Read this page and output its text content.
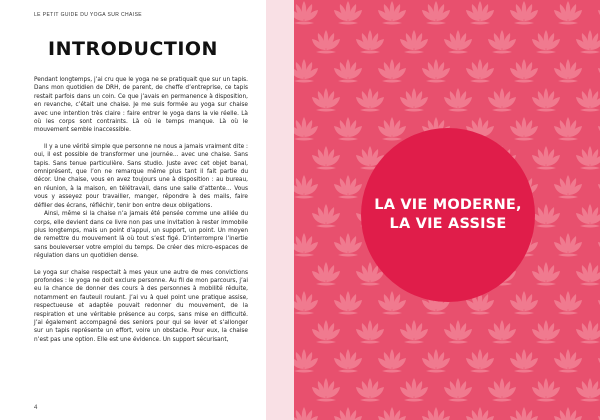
LE PETIT GUIDE DU YOGA SUR CHAISE
INTRODUCTION

Pendant longtemps, j’ai cru que le yoga ne se pratiquait que sur un tapis. Dans mon quotidien de DRH, de parent, de cheffe d’entreprise, ce tapis restait parfois dans un coin. Ce que j’avais en permanence à disposition, en revanche, c’était une chaise. Je me suis formée au yoga sur chaise avec une intention très claire : faire entrer le yoga dans la vie réelle. Là où les corps sont contraints. Là où le temps manque. Là où le mouvement semble inaccessible.

Il y a une vérité simple que personne ne nous a jamais vraiment dite : oui, il est possible de transformer une journée… avec une chaise. Sans tapis. Sans tenue particulière. Sans studio. Juste avec cet objet banal, omniprésent, que l’on ne remarque même plus tant il fait partie du décor. Une chaise, vous en avez toujours une à disposition : au bureau, en réunion, à la maison, en télétravail, dans une salle d’attente… Vous vous y asseyez pour travailler, manger, répondre à des mails, faire défiler des écrans, réfléchir, tenir bon entre deux obligations.

Ainsi, même si la chaise n’a jamais été pensée comme une alliée du corps, elle devient dans ce livre non pas une invitation à rester immobile plus longtemps, mais un point d’appui, un support, un point. Un moyen de remettre du mouvement là où tout s’est figé. D’interrompre l’inertie sans bouleverser votre emploi du temps. De créer des micro-espaces de régulation dans un quotidien dense.

Le yoga sur chaise respectait à mes yeux une autre de mes convictions profondes : le yoga ne doit exclure personne. Au fil de mon parcours, j’ai eu la chance de donner des cours à des personnes à mobilité réduite, notamment en fauteuil roulant. J’ai vu à quel point une pratique assise, respectueuse et adaptée pouvait redonner du mouvement, de la respiration et une véritable présence au corps, sans mise en difficulté. J’ai également accompagné des seniors pour qui se lever et s’allonger sur un tapis représente un effort, voire un obstacle. Pour eux, la chaise n’est pas une option. Elle est une évidence. Un support sécurisant,

4
LA VIE MODERNE,
LA VIE ASSISE
